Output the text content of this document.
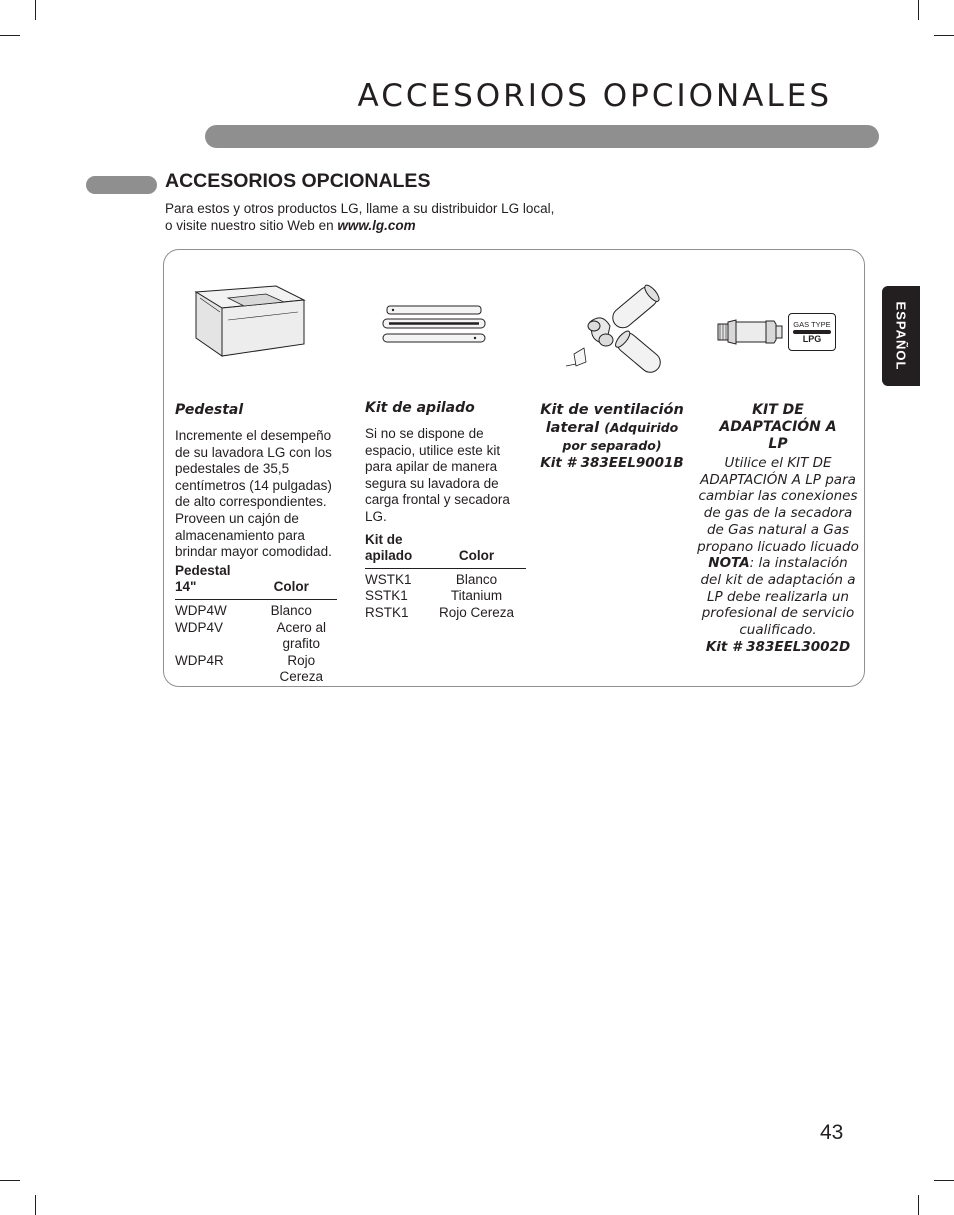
ACCESORIOS OPCIONALES
ACCESORIOS OPCIONALES

Para estos y otros productos LG, llame a su distribuidor LG local,
o visite nuestro sitio Web en www.lg.com

ESPAÑOL
GAS TYPE
LPG
Pedestal

Incremente el desempeño de su lavadora LG con los pedestales de 35,5 centímetros (14 pulgadas) de alto correspondientes. Proveen un cajón de almacenamiento para brindar mayor comodidad.

Pedestal 14"	Color
WDP4W	Blanco
WDP4V	Acero al grafito
WDP4R	Rojo Cereza
Kit de apilado

Si no se dispone de espacio, utilice este kit para apilar de manera segura su lavadora de carga frontal y secadora LG.

Kit de apilado	Color
WSTK1	Blanco
SSTK1	Titanium
RSTK1	Rojo Cereza
Kit de ventilación lateral (Adquirido por separado)
Kit # 383EEL9001B
KIT DE ADAPTACIÓN A LP
Utilice el KIT DE ADAPTACIÓN A LP para cambiar las conexiones de gas de la secadora de Gas natural a Gas propano licuado licuado
NOTA: la instalación del kit de adaptación a LP debe realizarla un profesional de servicio cualificado.
Kit # 383EEL3002D

43
